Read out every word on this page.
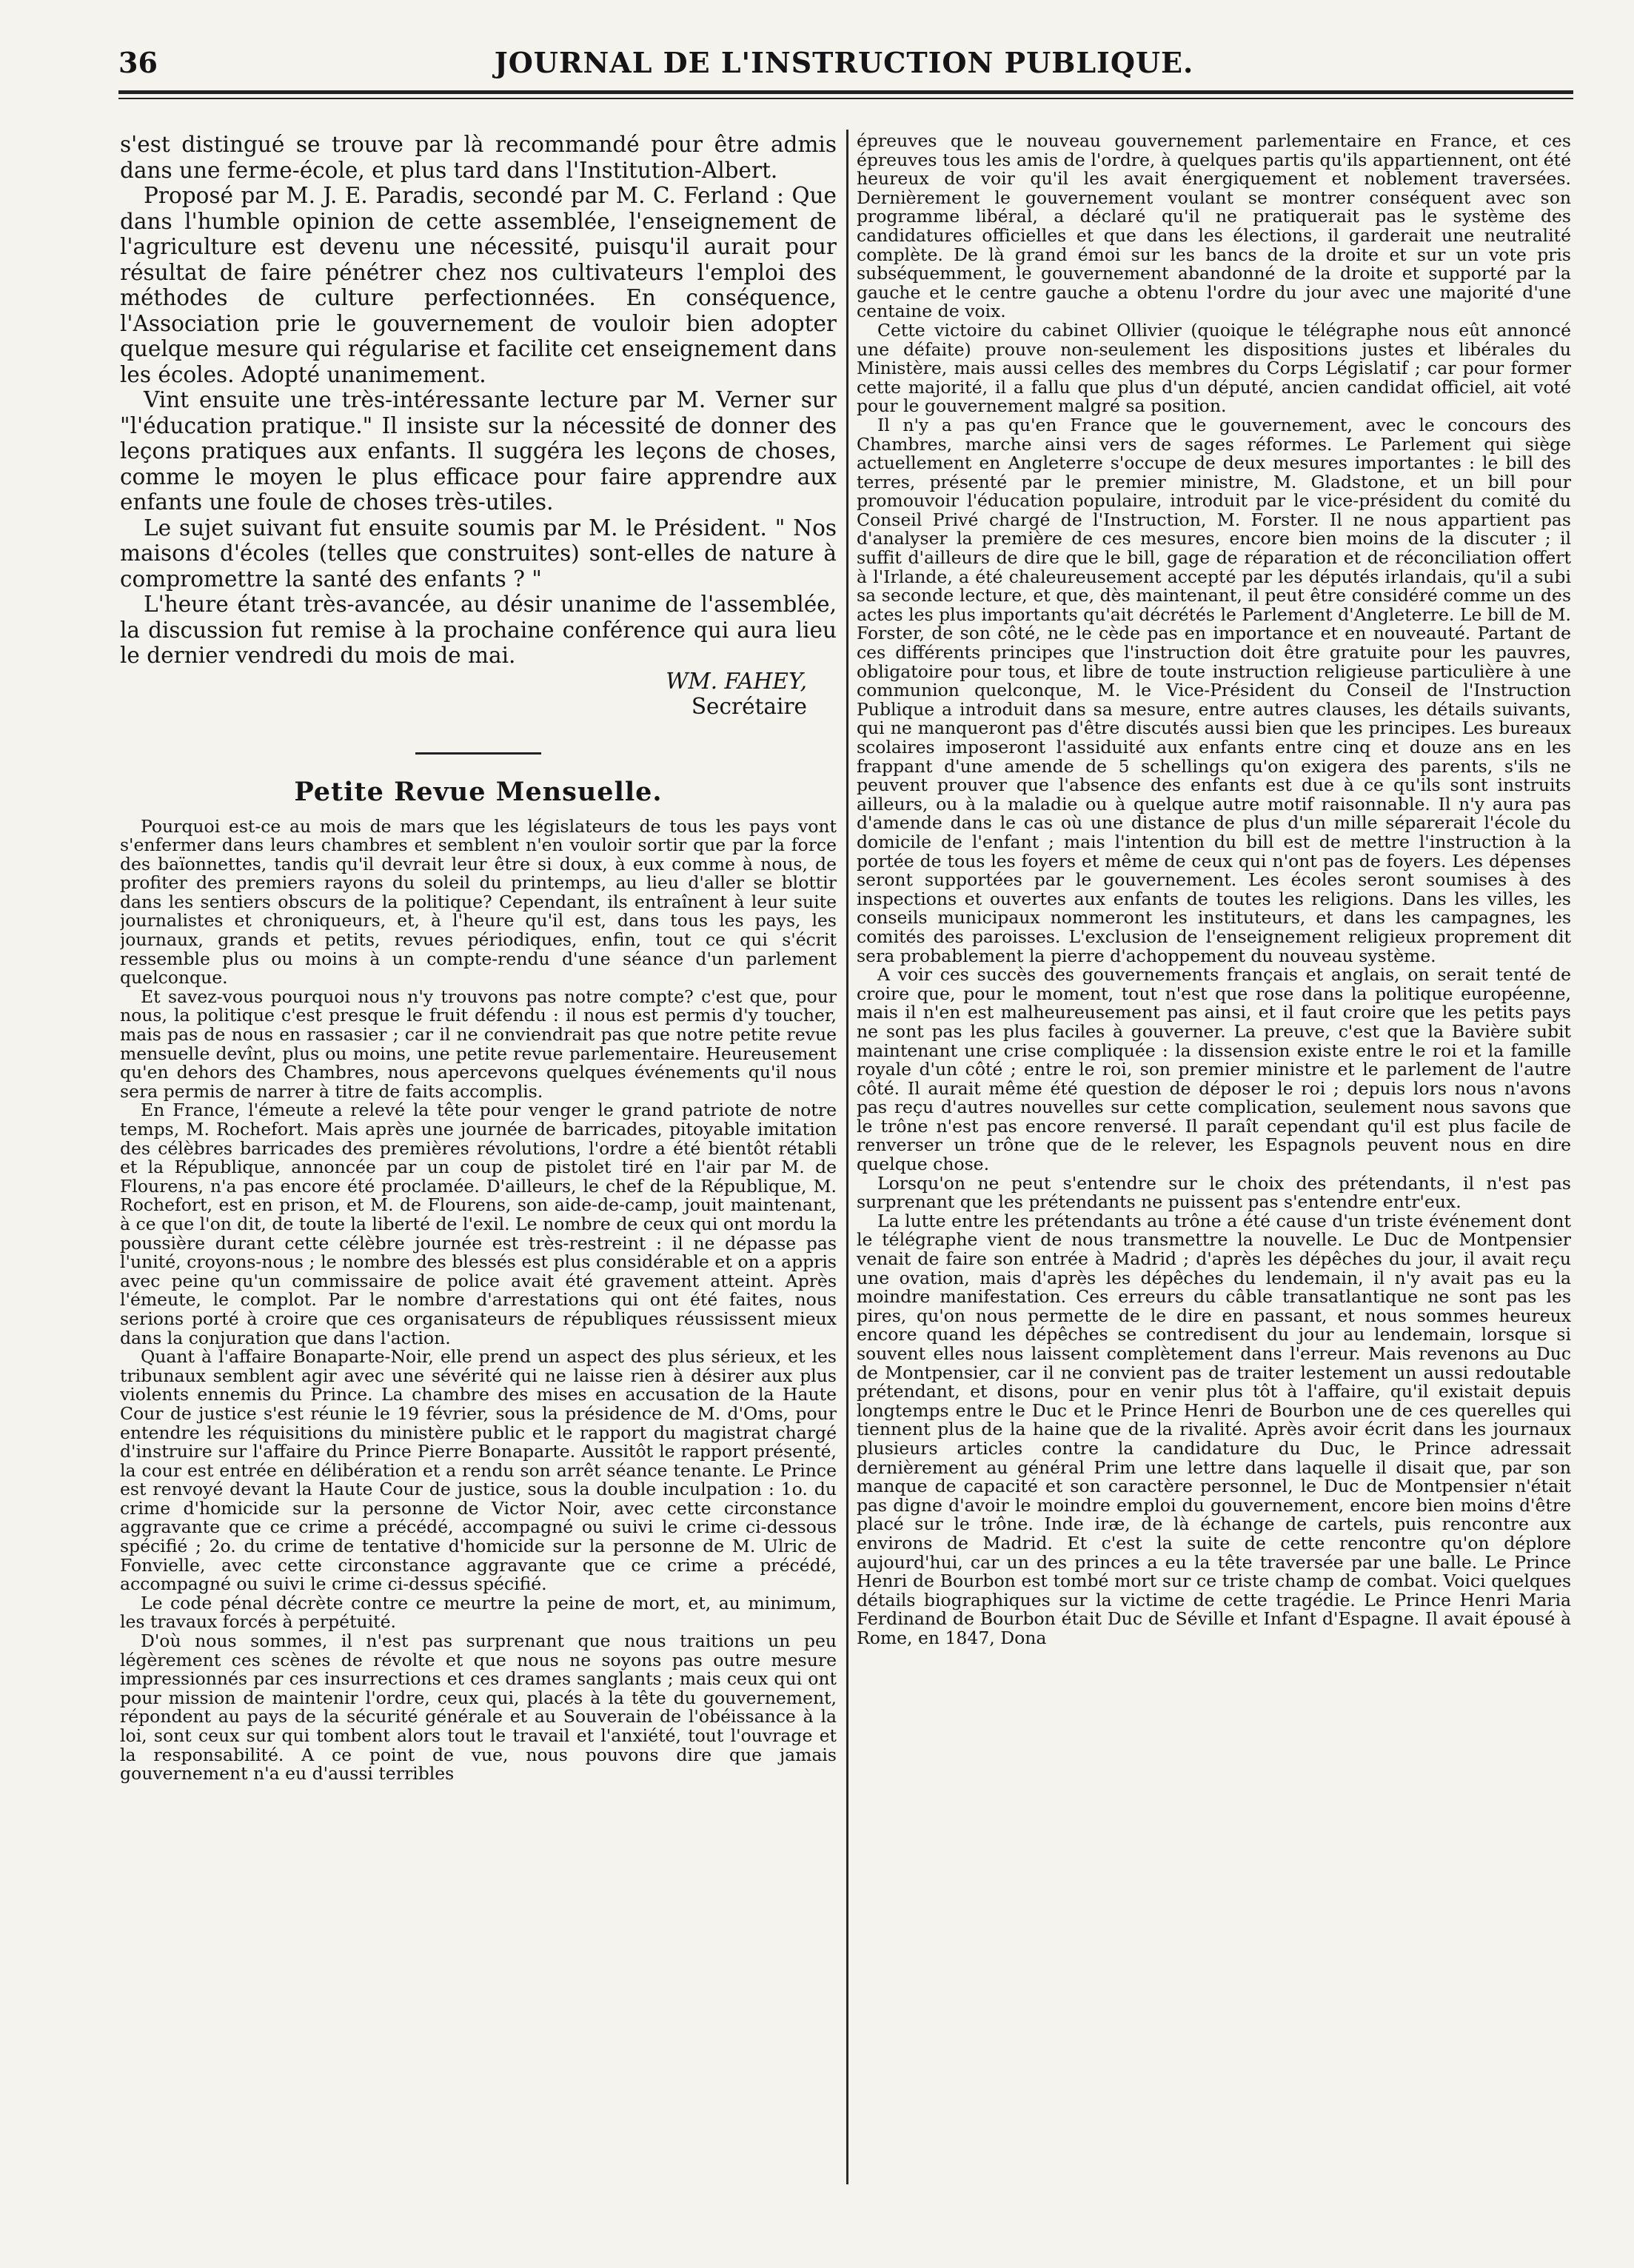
36	JOURNAL DE L'INSTRUCTION PUBLIQUE.

s'est distingué se trouve par là recommandé pour être admis dans une ferme-école, et plus tard dans l'Institution-Albert.

Proposé par M. J. E. Paradis, secondé par M. C. Ferland : Que dans l'humble opinion de cette assemblée, l'enseignement de l'agriculture est devenu une nécessité, puisqu'il aurait pour résultat de faire pénétrer chez nos cultivateurs l'emploi des méthodes de culture perfectionnées. En conséquence, l'Association prie le gouvernement de vouloir bien adopter quelque mesure qui régularise et facilite cet enseignement dans les écoles. Adopté unanimement.

Vint ensuite une très-intéressante lecture par M. Verner sur "l'éducation pratique." Il insiste sur la nécessité de donner des leçons pratiques aux enfants. Il suggéra les leçons de choses, comme le moyen le plus efficace pour faire apprendre aux enfants une foule de choses très-utiles.

Le sujet suivant fut ensuite soumis par M. le Président. " Nos maisons d'écoles (telles que construites) sont-elles de nature à compromettre la santé des enfants ? "

L'heure étant très-avancée, au désir unanime de l'assemblée, la discussion fut remise à la prochaine conférence qui aura lieu le dernier vendredi du mois de mai.

WM. FAHEY,
Secrétaire
Petite Revue Mensuelle.

Pourquoi est-ce au mois de mars que les législateurs de tous les pays vont s'enfermer dans leurs chambres et semblent n'en vouloir sortir que par la force des baïonnettes, tandis qu'il devrait leur être si doux, à eux comme à nous, de profiter des premiers rayons du soleil du printemps, au lieu d'aller se blottir dans les sentiers obscurs de la politique? Cependant, ils entraînent à leur suite journalistes et chroniqueurs, et, à l'heure qu'il est, dans tous les pays, les journaux, grands et petits, revues périodiques, enfin, tout ce qui s'écrit ressemble plus ou moins à un compte-rendu d'une séance d'un parlement quelconque.

Et savez-vous pourquoi nous n'y trouvons pas notre compte? c'est que, pour nous, la politique c'est presque le fruit défendu : il nous est permis d'y toucher, mais pas de nous en rassasier ; car il ne conviendrait pas que notre petite revue mensuelle devînt, plus ou moins, une petite revue parlementaire. Heureusement qu'en dehors des Chambres, nous apercevons quelques événements qu'il nous sera permis de narrer à titre de faits accomplis.

En France, l'émeute a relevé la tête pour venger le grand patriote de notre temps, M. Rochefort. Mais après une journée de barricades, pitoyable imitation des célèbres barricades des premières révolutions, l'ordre a été bientôt rétabli et la République, annoncée par un coup de pistolet tiré en l'air par M. de Flourens, n'a pas encore été proclamée. D'ailleurs, le chef de la République, M. Rochefort, est en prison, et M. de Flourens, son aide-de-camp, jouit maintenant, à ce que l'on dit, de toute la liberté de l'exil. Le nombre de ceux qui ont mordu la poussière durant cette célèbre journée est très-restreint : il ne dépasse pas l'unité, croyons-nous ; le nombre des blessés est plus considérable et on a appris avec peine qu'un commissaire de police avait été gravement atteint. Après l'émeute, le complot. Par le nombre d'arrestations qui ont été faites, nous serions porté à croire que ces organisateurs de républiques réussissent mieux dans la conjuration que dans l'action.

Quant à l'affaire Bonaparte-Noir, elle prend un aspect des plus sérieux, et les tribunaux semblent agir avec une sévérité qui ne laisse rien à désirer aux plus violents ennemis du Prince. La chambre des mises en accusation de la Haute Cour de justice s'est réunie le 19 février, sous la présidence de M. d'Oms, pour entendre les réquisitions du ministère public et le rapport du magistrat chargé d'instruire sur l'affaire du Prince Pierre Bonaparte. Aussitôt le rapport présenté, la cour est entrée en délibération et a rendu son arrêt séance tenante. Le Prince est renvoyé devant la Haute Cour de justice, sous la double inculpation : 1o. du crime d'homicide sur la personne de Victor Noir, avec cette circonstance aggravante que ce crime a précédé, accompagné ou suivi le crime ci-dessous spécifié ; 2o. du crime de tentative d'homicide sur la personne de M. Ulric de Fonvielle, avec cette circonstance aggravante que ce crime a précédé, accompagné ou suivi le crime ci-dessus spécifié.

Le code pénal décrète contre ce meurtre la peine de mort, et, au minimum, les travaux forcés à perpétuité.

D'où nous sommes, il n'est pas surprenant que nous traitions un peu légèrement ces scènes de révolte et que nous ne soyons pas outre mesure impressionnés par ces insurrections et ces drames sanglants ; mais ceux qui ont pour mission de maintenir l'ordre, ceux qui, placés à la tête du gouvernement, répondent au pays de la sécurité générale et au Souverain de l'obéissance à la loi, sont ceux sur qui tombent alors tout le travail et l'anxiété, tout l'ouvrage et la responsabilité. A ce point de vue, nous pouvons dire que jamais gouvernement n'a eu d'aussi terribles

épreuves que le nouveau gouvernement parlementaire en France, et ces épreuves tous les amis de l'ordre, à quelques partis qu'ils appartiennent, ont été heureux de voir qu'il les avait énergiquement et noblement traversées. Dernièrement le gouvernement voulant se montrer conséquent avec son programme libéral, a déclaré qu'il ne pratiquerait pas le système des candidatures officielles et que dans les élections, il garderait une neutralité complète. De là grand émoi sur les bancs de la droite et sur un vote pris subséquemment, le gouvernement abandonné de la droite et supporté par la gauche et le centre gauche a obtenu l'ordre du jour avec une majorité d'une centaine de voix.

Cette victoire du cabinet Ollivier (quoique le télégraphe nous eût annoncé une défaite) prouve non-seulement les dispositions justes et libérales du Ministère, mais aussi celles des membres du Corps Législatif ; car pour former cette majorité, il a fallu que plus d'un député, ancien candidat officiel, ait voté pour le gouvernement malgré sa position.

Il n'y a pas qu'en France que le gouvernement, avec le concours des Chambres, marche ainsi vers de sages réformes. Le Parlement qui siège actuellement en Angleterre s'occupe de deux mesures importantes : le bill des terres, présenté par le premier ministre, M. Gladstone, et un bill pour promouvoir l'éducation populaire, introduit par le vice-président du comité du Conseil Privé chargé de l'Instruction, M. Forster. Il ne nous appartient pas d'analyser la première de ces mesures, encore bien moins de la discuter ; il suffit d'ailleurs de dire que le bill, gage de réparation et de réconciliation offert à l'Irlande, a été chaleureusement accepté par les députés irlandais, qu'il a subi sa seconde lecture, et que, dès maintenant, il peut être considéré comme un des actes les plus importants qu'ait décrétés le Parlement d'Angleterre. Le bill de M. Forster, de son côté, ne le cède pas en importance et en nouveauté. Partant de ces différents principes que l'instruction doit être gratuite pour les pauvres, obligatoire pour tous, et libre de toute instruction religieuse particulière à une communion quelconque, M. le Vice-Président du Conseil de l'Instruction Publique a introduit dans sa mesure, entre autres clauses, les détails suivants, qui ne manqueront pas d'être discutés aussi bien que les principes. Les bureaux scolaires imposeront l'assiduité aux enfants entre cinq et douze ans en les frappant d'une amende de 5 schellings qu'on exigera des parents, s'ils ne peuvent prouver que l'absence des enfants est due à ce qu'ils sont instruits ailleurs, ou à la maladie ou à quelque autre motif raisonnable. Il n'y aura pas d'amende dans le cas où une distance de plus d'un mille séparerait l'école du domicile de l'enfant ; mais l'intention du bill est de mettre l'instruction à la portée de tous les foyers et même de ceux qui n'ont pas de foyers. Les dépenses seront supportées par le gouvernement. Les écoles seront soumises à des inspections et ouvertes aux enfants de toutes les religions. Dans les villes, les conseils municipaux nommeront les instituteurs, et dans les campagnes, les comités des paroisses. L'exclusion de l'enseignement religieux proprement dit sera probablement la pierre d'achoppement du nouveau système.

A voir ces succès des gouvernements français et anglais, on serait tenté de croire que, pour le moment, tout n'est que rose dans la politique européenne, mais il n'en est malheureusement pas ainsi, et il faut croire que les petits pays ne sont pas les plus faciles à gouverner. La preuve, c'est que la Bavière subit maintenant une crise compliquée : la dissension existe entre le roi et la famille royale d'un côté ; entre le roi, son premier ministre et le parlement de l'autre côté. Il aurait même été question de déposer le roi ; depuis lors nous n'avons pas reçu d'autres nouvelles sur cette complication, seulement nous savons que le trône n'est pas encore renversé. Il paraît cependant qu'il est plus facile de renverser un trône que de le relever, les Espagnols peuvent nous en dire quelque chose.

Lorsqu'on ne peut s'entendre sur le choix des prétendants, il n'est pas surprenant que les prétendants ne puissent pas s'entendre entr'eux.

La lutte entre les prétendants au trône a été cause d'un triste événement dont le télégraphe vient de nous transmettre la nouvelle. Le Duc de Montpensier venait de faire son entrée à Madrid ; d'après les dépêches du jour, il avait reçu une ovation, mais d'après les dépêches du lendemain, il n'y avait pas eu la moindre manifestation. Ces erreurs du câble transatlantique ne sont pas les pires, qu'on nous permette de le dire en passant, et nous sommes heureux encore quand les dépêches se contredisent du jour au lendemain, lorsque si souvent elles nous laissent complètement dans l'erreur. Mais revenons au Duc de Montpensier, car il ne convient pas de traiter lestement un aussi redoutable prétendant, et disons, pour en venir plus tôt à l'affaire, qu'il existait depuis longtemps entre le Duc et le Prince Henri de Bourbon une de ces querelles qui tiennent plus de la haine que de la rivalité. Après avoir écrit dans les journaux plusieurs articles contre la candidature du Duc, le Prince adressait dernièrement au général Prim une lettre dans laquelle il disait que, par son manque de capacité et son caractère personnel, le Duc de Montpensier n'était pas digne d'avoir le moindre emploi du gouvernement, encore bien moins d'être placé sur le trône. Inde iræ, de là échange de cartels, puis rencontre aux environs de Madrid. Et c'est la suite de cette rencontre qu'on déplore aujourd'hui, car un des princes a eu la tête traversée par une balle. Le Prince Henri de Bourbon est tombé mort sur ce triste champ de combat. Voici quelques détails biographiques sur la victime de cette tragédie. Le Prince Henri Maria Ferdinand de Bourbon était Duc de Séville et Infant d'Espagne. Il avait épousé à Rome, en 1847, Dona
